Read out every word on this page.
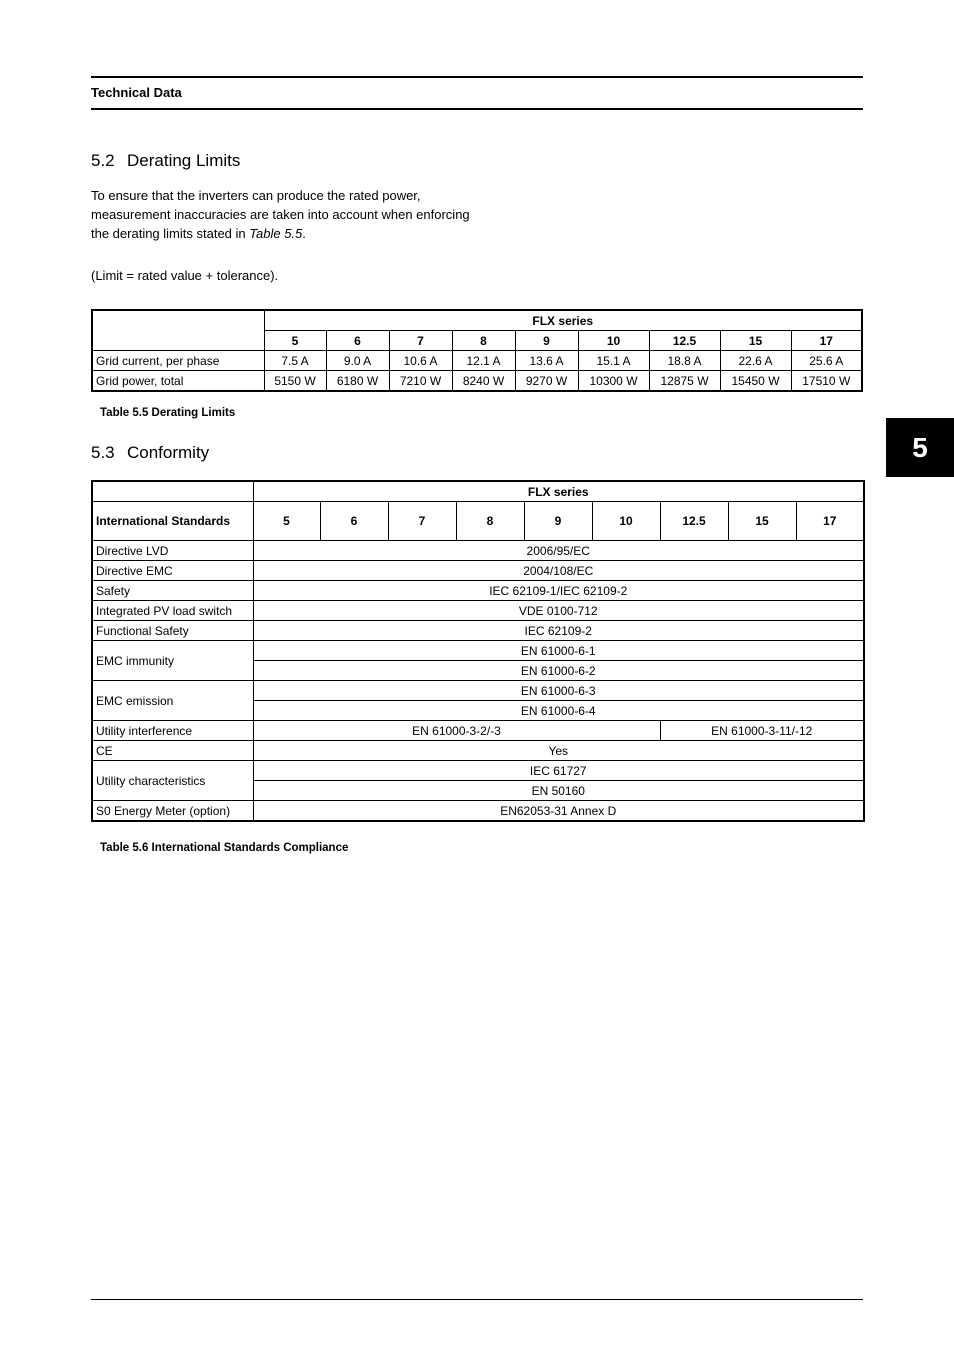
Technical Data
5
5.2 Derating Limits
To ensure that the inverters can produce the rated power, measurement inaccuracies are taken into account when enforcing the derating limits stated in Table 5.5.
(Limit = rated value + tolerance).
	FLX series								
	5	6	7	8	9	10	12.5	15	17
Grid current, per phase	7.5 A	9.0 A	10.6 A	12.1 A	13.6 A	15.1 A	18.8 A	22.6 A	25.6 A
Grid power, total	5150 W	6180 W	7210 W	8240 W	9270 W	10300 W	12875 W	15450 W	17510 W
Table 5.5 Derating Limits
5.3 Conformity
	FLX series								
International Standards	5	6	7	8	9	10	12.5	15	17
Directive LVD	2006/95/EC								
Directive EMC	2004/108/EC								
Safety	IEC 62109-1/IEC 62109-2								
Integrated PV load switch	VDE 0100-712								
Functional Safety	IEC 62109-2								
EMC immunity	EN 61000-6-1								
	EN 61000-6-2								
EMC emission	EN 61000-6-3								
	EN 61000-6-4								
Utility interference	EN 61000-3-2/-3						EN 61000-3-11/-12		
CE	Yes								
Utility characteristics	IEC 61727								
	EN 50160								
S0 Energy Meter (option)	EN62053-31 Annex D								
Table 5.6 International Standards Compliance
